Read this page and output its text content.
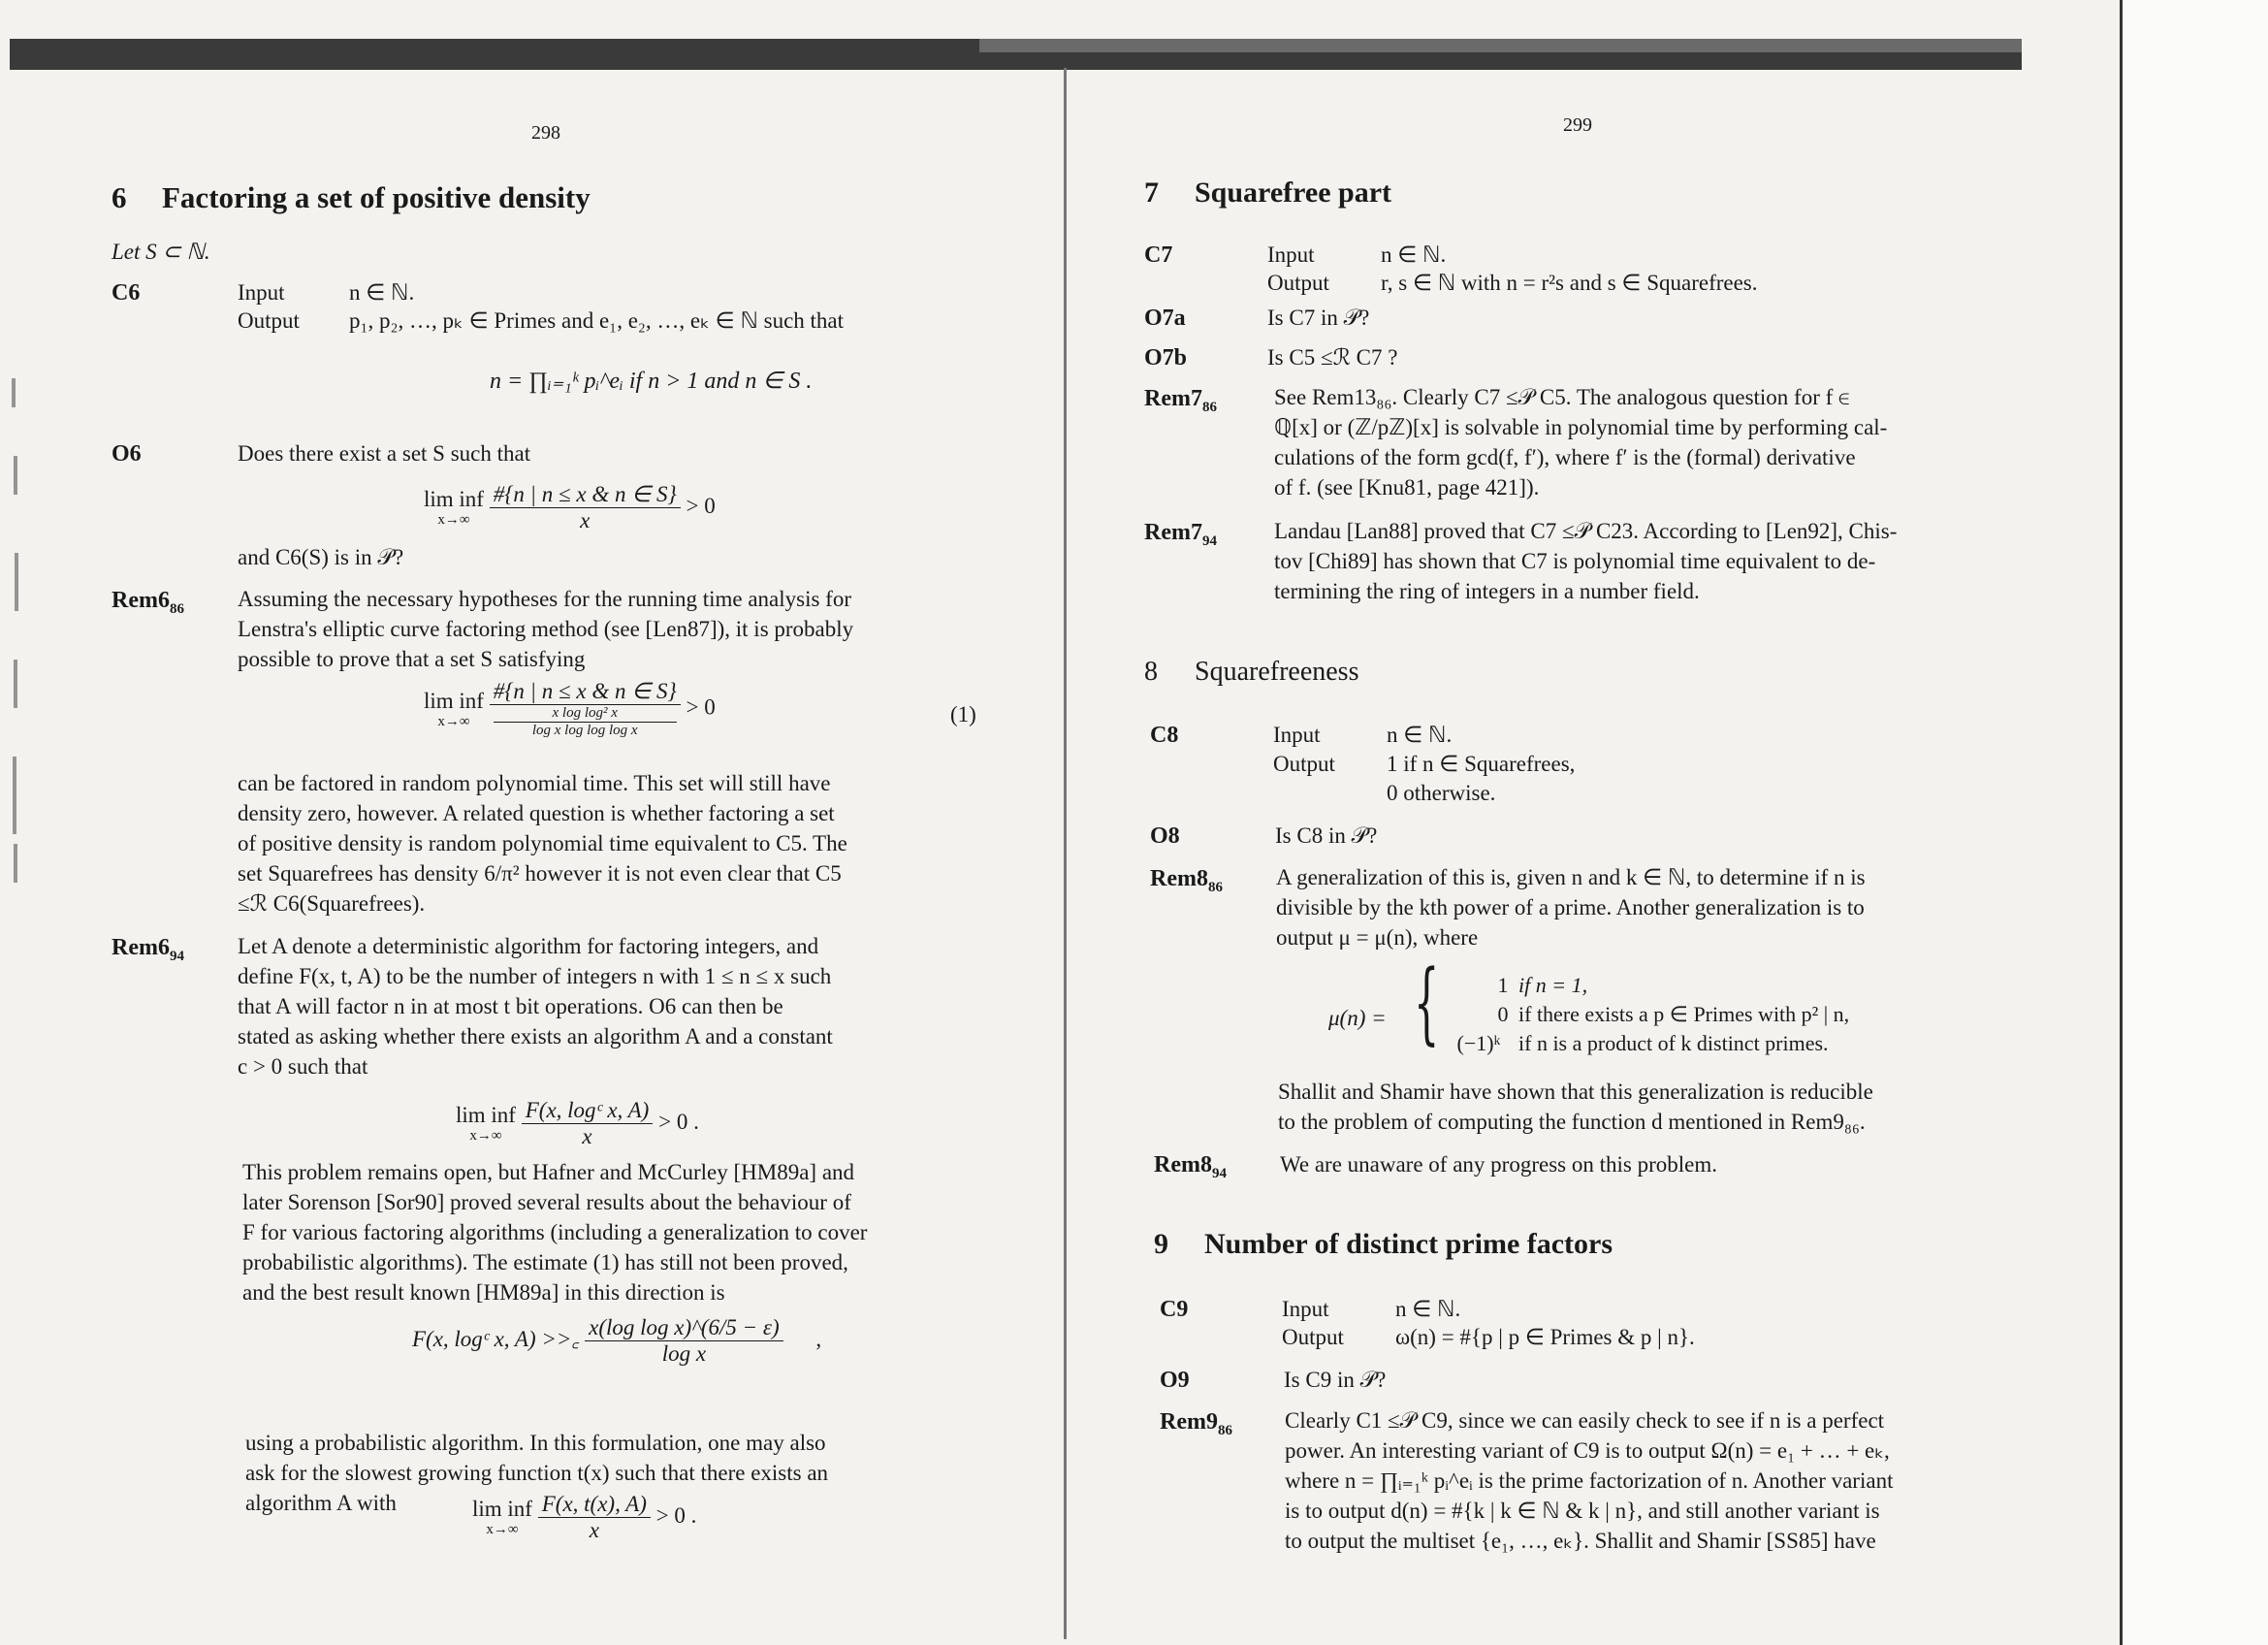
298
6 Factoring a set of positive density
Let S ⊂ ℕ.
C6	Input	n ∈ ℕ.
Output p₁, p₂, …, pₖ ∈ Primes and e₁, e₂, …, eₖ ∈ ℕ such that
n = ∏ᵢ₌₁ᵏ pᵢ^eᵢ if n > 1 and n ∈ S .
O6	Does there exist a set S such that
lim inf
x→∞
$\frac{\#\{n | n \le x \& n \in S\}}{x} > 0$
and C6(S) is in 𝒫?
$Rem6_{86}$ Assuming the necessary hypotheses for the running time analysis for

Lenstra's elliptic curve factoring method (see [Len87]), it is probably

possible to prove that a set S satisfying

lim inf
x→∞
#{n | n ≤ x & n ∈ S}
x log log² x
log x log log log x > 0	(1)

can be factored in random polynomial time. This set will still have

density zero, however. A related question is whether factoring a set

of positive density is random polynomial time equivalent to C5. The

set Squarefrees has density 6/π² however it is not even clear that C5

≤ℛ C6(Squarefrees).

$Rem6_{94}$ Let A denote a deterministic algorithm for factoring integers, and

define F(x, t, A) to be the number of integers n with 1 ≤ n ≤ x such

that A will factor n in at most t bit operations. O6 can then be

stated as asking whether there exists an algorithm A and a constant

c > 0 such that

lim inf
x→∞
$\frac{\text{F(x, logᶜ x, A)}}{x} > 0$ .

This problem remains open, but Hafner and McCurley [HM89a] and

later Sorenson [Sor90] proved several results about the behaviour of

F for various factoring algorithms (including a generalization to cover

probabilistic algorithms). The estimate (1) has still not been proved,

and the best result known [HM89a] in this direction is

F(x, logᶜ x, A) >>꜀ $\frac{\text{x(log log x)\textasciicircum{}(6/5 − ε)}}{\text{log x}}$ ,

using a probabilistic algorithm. In this formulation, one may also

ask for the slowest growing function t(x) such that there exists an

algorithm A with	lim inf
x→∞
$\frac{F(x, t(x), A)}{x} > 0$ .
299
7 Squarefree part
C7	Input	n ∈ ℕ.
Output r, s ∈ ℕ with n = r²s and s ∈ Squarefrees.
O7a	Is C7 in 𝒫?
O7b	Is C5 ≤ℛ C7 ?
$Rem7_{86}$	See Rem13₈₆. Clearly C7 ≤𝒫 C5. The analogous question for f ∈

ℚ[x] or (ℤ/pℤ)[x] is solvable in polynomial time by performing cal-

culations of the form gcd(f, f′), where f′ is the (formal) derivative

of f. (see [Knu81, page 421]).

$Rem7_{94}$	Landau [Lan88] proved that C7 ≤𝒫 C23. According to [Len92], Chis-

tov [Chi89] has shown that C7 is polynomial time equivalent to de-

termining the ring of integers in a number field.

8 Squarefreeness
C8	Input	n ∈ ℕ.
Output 1 if n ∈ Squarefrees,
0 otherwise.
O8	Is C8 in 𝒫?
$Rem8_{86}$ A generalization of this is, given n and k ∈ ℕ, to determine if n is

divisible by the kth power of a prime. Another generalization is to

output μ = μ(n), where

μ(n) = {	1 if n = 1,
0 if there exists a p ∈ Primes with p² | n,
(−1)ᵏ if n is a product of k distinct primes.

Shallit and Shamir have shown that this generalization is reducible

to the problem of computing the function d mentioned in Rem9₈₆.

$Rem8_{94}$ We are unaware of any progress on this problem.
9 Number of distinct prime factors
C9	Input	n ∈ ℕ.
Output ω(n) = #{p | p ∈ Primes & p | n}.
O9	Is C9 in 𝒫?
$Rem9_{86}$ Clearly C1 ≤𝒫 C9, since we can easily check to see if n is a perfect

power. An interesting variant of C9 is to output Ω(n) = e₁ + … + eₖ,

where n = ∏ᵢ₌₁ᵏ pᵢ^eᵢ is the prime factorization of n. Another variant

is to output d(n) = #{k | k ∈ ℕ & k | n}, and still another variant is

to output the multiset {e₁, …, eₖ}. Shallit and Shamir [SS85] have
